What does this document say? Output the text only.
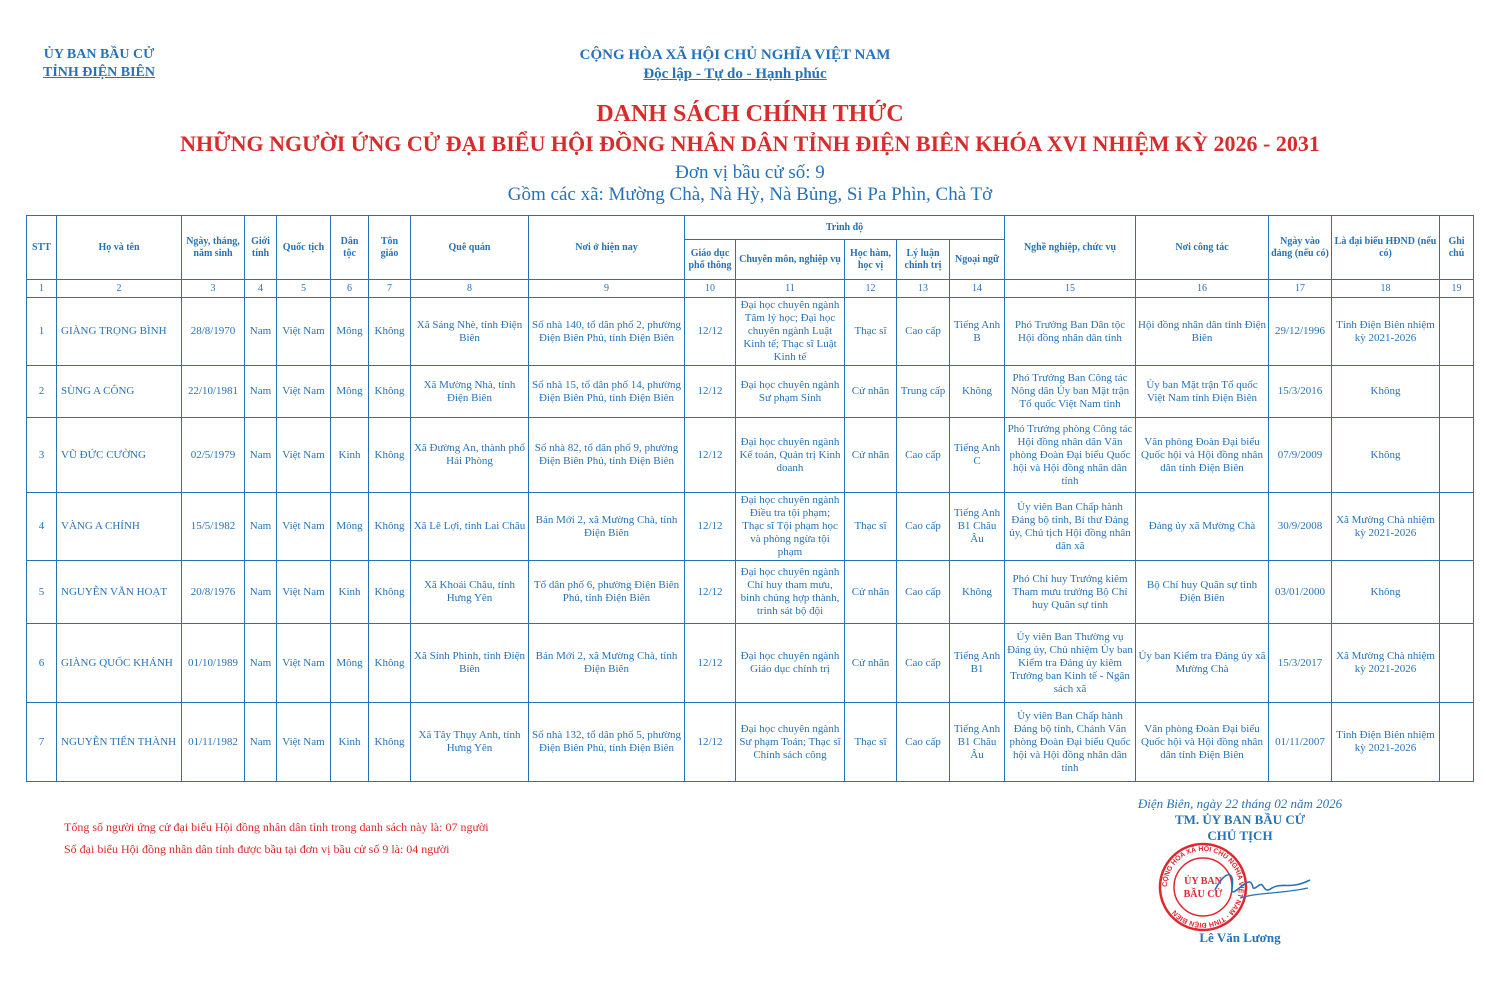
ỦY BAN BẦU CỬ
TỈNH ĐIỆN BIÊN
CỘNG HÒA XÃ HỘI CHỦ NGHĨA VIỆT NAM
Độc lập - Tự do - Hạnh phúc
DANH SÁCH CHÍNH THỨC
NHỮNG NGƯỜI ỨNG CỬ ĐẠI BIỂU HỘI ĐỒNG NHÂN DÂN TỈNH ĐIỆN BIÊN KHÓA XVI NHIỆM KỲ 2026 - 2031
Đơn vị bầu cử số: 9
Gồm các xã: Mường Chà, Nà Hỳ, Nà Bủng, Si Pa Phìn, Chà Tở
STT	Họ và tên	Ngày, tháng, năm sinh	Giới tính	Quốc tịch	Dân tộc	Tôn giáo	Quê quán	Nơi ở hiện nay	Trình độ					Nghề nghiệp, chức vụ	Nơi công tác	Ngày vào đảng (nếu có)	Là đại biểu HĐND (nếu có)	Ghi chú
									Giáo dục phổ thông	Chuyên môn, nghiệp vụ	Học hàm, học vị	Lý luận chính trị	Ngoại ngữ					
1	2	3	4	5	6	7	8	9	10	11	12	13	14	15	16	17	18	19
1	GIÀNG TRỌNG BÌNH	28/8/1970	Nam	Việt Nam	Mông	Không	Xã Sáng Nhè, tỉnh Điện Biên	Số nhà 140, tổ dân phố 2, phường Điện Biên Phủ, tỉnh Điện Biên	12/12	Đại học chuyên ngành Tâm lý học; Đại học chuyên ngành Luật Kinh tế; Thạc sĩ Luật Kinh tế	Thạc sĩ	Cao cấp	Tiếng Anh B	Phó Trưởng Ban Dân tộc Hội đồng nhân dân tỉnh	Hội đồng nhân dân tỉnh Điện Biên	29/12/1996	Tỉnh Điện Biên nhiệm kỳ 2021-2026	
2	SÙNG A CÔNG	22/10/1981	Nam	Việt Nam	Mông	Không	Xã Mường Nhà, tỉnh Điện Biên	Số nhà 15, tổ dân phố 14, phường Điện Biên Phủ, tỉnh Điện Biên	12/12	Đại học chuyên ngành Sư phạm Sinh	Cử nhân	Trung cấp	Không	Phó Trưởng Ban Công tác Nông dân Ủy ban Mặt trận Tổ quốc Việt Nam tỉnh	Ủy ban Mặt trận Tổ quốc Việt Nam tỉnh Điện Biên	15/3/2016	Không	
3	VŨ ĐỨC CƯỜNG	02/5/1979	Nam	Việt Nam	Kinh	Không	Xã Đường An, thành phố Hải Phòng	Số nhà 82, tổ dân phố 9, phường Điện Biên Phủ, tỉnh Điện Biên	12/12	Đại học chuyên ngành Kế toán, Quản trị Kinh doanh	Cử nhân	Cao cấp	Tiếng Anh C	Phó Trưởng phòng Công tác Hội đồng nhân dân Văn phòng Đoàn Đại biểu Quốc hội và Hội đồng nhân dân tỉnh	Văn phòng Đoàn Đại biểu Quốc hội và Hội đồng nhân dân tỉnh Điện Biên	07/9/2009	Không	
4	VÀNG A CHÍNH	15/5/1982	Nam	Việt Nam	Mông	Không	Xã Lê Lợi, tỉnh Lai Châu	Bản Mới 2, xã Mường Chà, tỉnh Điện Biên	12/12	Đại học chuyên ngành Điều tra tội phạm; Thạc sĩ Tội phạm học và phòng ngừa tội phạm	Thạc sĩ	Cao cấp	Tiếng Anh B1 Châu Âu	Ủy viên Ban Chấp hành Đảng bộ tỉnh, Bí thư Đảng ủy, Chủ tịch Hội đồng nhân dân xã	Đảng ủy xã Mường Chà	30/9/2008	Xã Mường Chà nhiệm kỳ 2021-2026	
5	NGUYỄN VĂN HOẠT	20/8/1976	Nam	Việt Nam	Kinh	Không	Xã Khoái Châu, tỉnh Hưng Yên	Tổ dân phố 6, phường Điện Biên Phủ, tỉnh Điện Biên	12/12	Đại học chuyên ngành Chỉ huy tham mưu, binh chủng hợp thành, trinh sát bộ đội	Cử nhân	Cao cấp	Không	Phó Chỉ huy Trưởng kiêm Tham mưu trưởng Bộ Chỉ huy Quân sự tỉnh	Bộ Chỉ huy Quân sự tỉnh Điện Biên	03/01/2000	Không	
6	GIÀNG QUỐC KHÁNH	01/10/1989	Nam	Việt Nam	Mông	Không	Xã Sính Phình, tỉnh Điện Biên	Bản Mới 2, xã Mường Chà, tỉnh Điện Biên	12/12	Đại học chuyên ngành Giáo dục chính trị	Cử nhân	Cao cấp	Tiếng Anh B1	Ủy viên Ban Thường vụ Đảng ủy, Chủ nhiệm Ủy ban Kiểm tra Đảng ủy kiêm Trưởng ban Kinh tế - Ngân sách xã	Ủy ban Kiểm tra Đảng ủy xã Mường Chà	15/3/2017	Xã Mường Chà nhiệm kỳ 2021-2026	
7	NGUYỄN TIẾN THÀNH	01/11/1982	Nam	Việt Nam	Kinh	Không	Xã Tây Thụy Anh, tỉnh Hưng Yên	Số nhà 132, tổ dân phố 5, phường Điện Biên Phủ, tỉnh Điện Biên	12/12	Đại học chuyên ngành Sư phạm Toán; Thạc sĩ Chính sách công	Thạc sĩ	Cao cấp	Tiếng Anh B1 Châu Âu	Ủy viên Ban Chấp hành Đảng bộ tỉnh, Chánh Văn phòng Đoàn Đại biểu Quốc hội và Hội đồng nhân dân tỉnh	Văn phòng Đoàn Đại biểu Quốc hội và Hội đồng nhân dân tỉnh Điện Biên	01/11/2007	Tỉnh Điện Biên nhiệm kỳ 2021-2026	
Tổng số người ứng cử đại biểu Hội đồng nhân dân tỉnh trong danh sách này là: 07 người
Số đại biểu Hội đồng nhân dân tỉnh được bầu tại đơn vị bầu cử số 9 là: 04 người
Điện Biên, ngày 22 tháng 02 năm 2026
TM. ỦY BAN BẦU CỬ
CHỦ TỊCH
CỘNG HÒA XÃ HỘI CHỦ NGHĨA VIỆT NAM · TỈNH ĐIỆN BIÊN
ỦY BAN
BẦU CỬ
Lê Văn Lương
